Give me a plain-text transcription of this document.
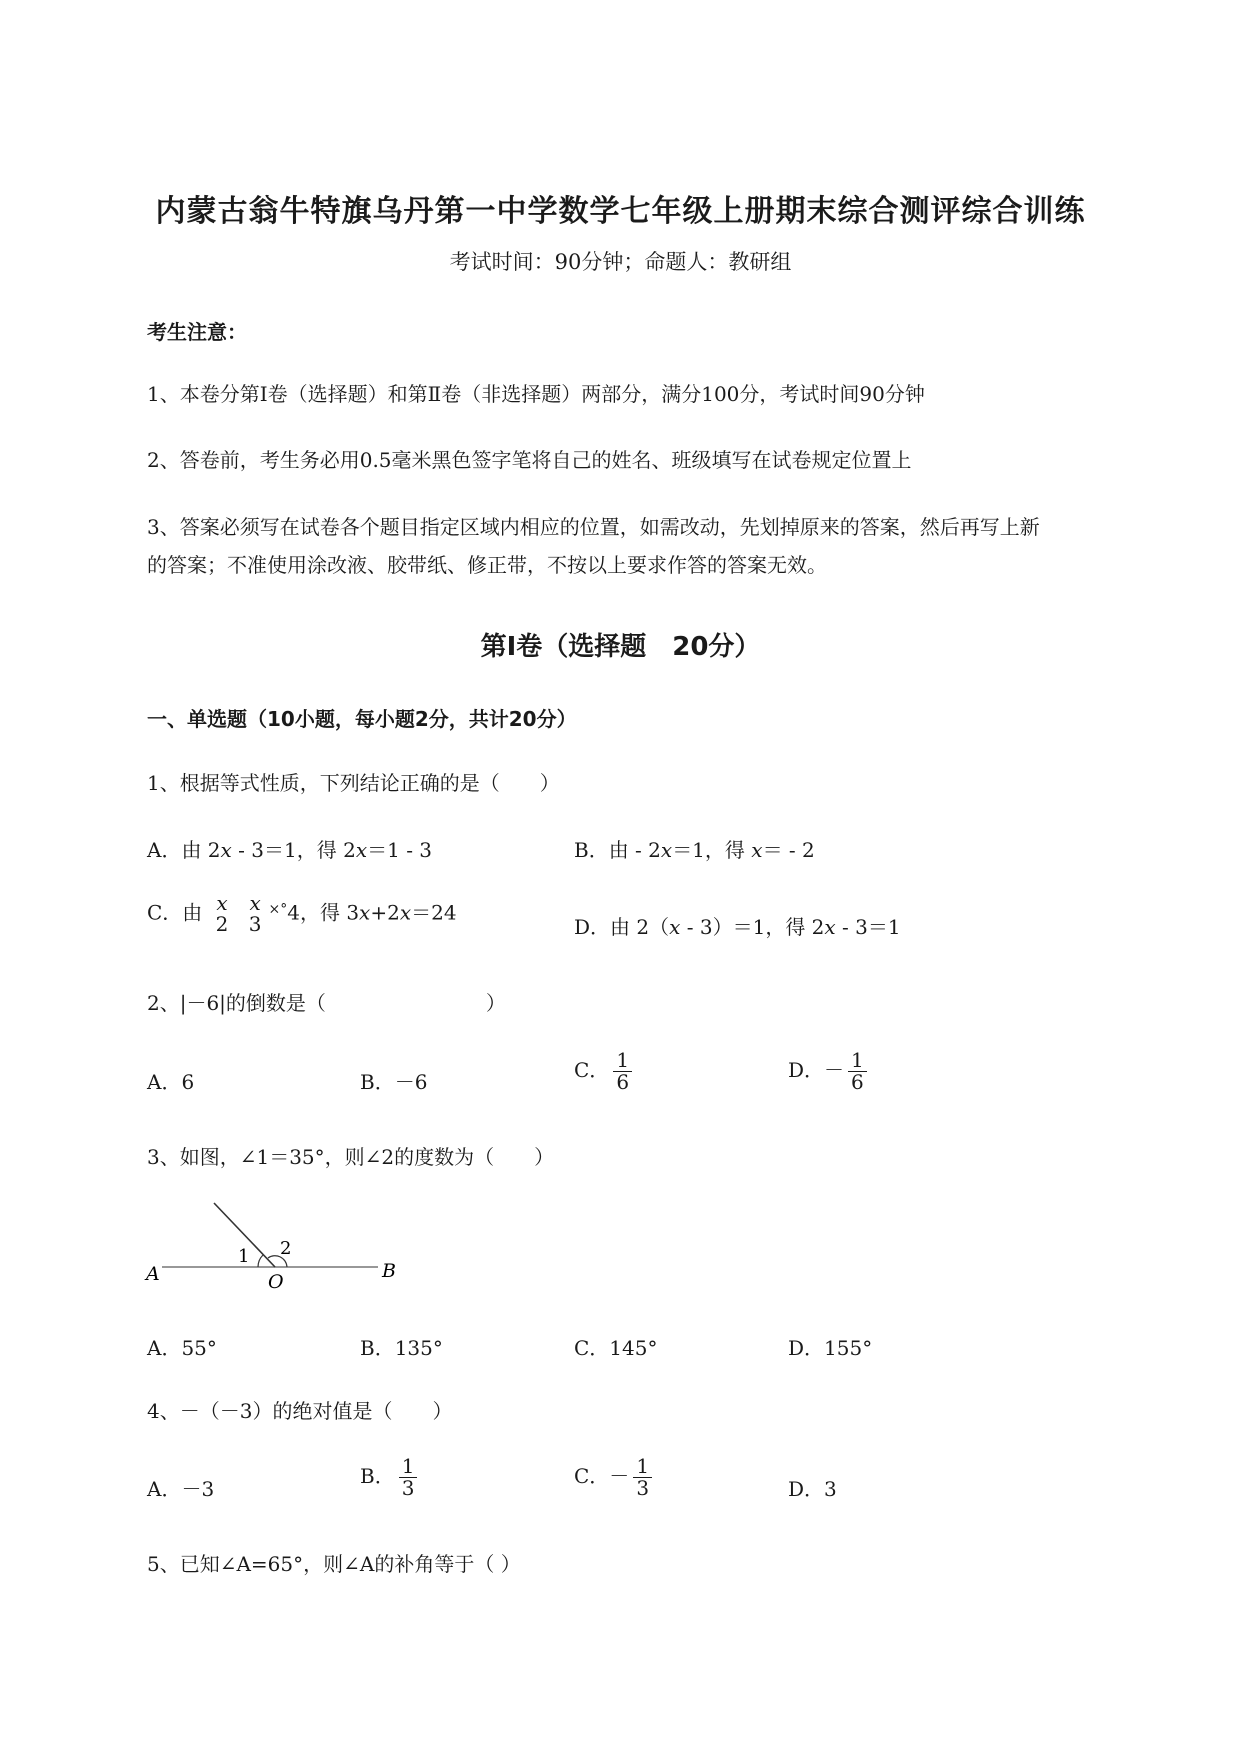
内蒙古翁牛特旗乌丹第一中学数学七年级上册期末综合测评综合训练
考试时间：90分钟；命题人：教研组
考生注意：
1、本卷分第Ⅰ卷（选择题）和第Ⅱ卷（非选择题）两部分，满分100分，考试时间90分钟
2、答卷前，考生务必用0.5毫米黑色签字笔将自己的姓名、班级填写在试卷规定位置上
3、答案必须写在试卷各个题目指定区域内相应的位置，如需改动，先划掉原来的答案，然后再写上新
的答案；不准使用涂改液、胶带纸、修正带，不按以上要求作答的答案无效。
第Ⅰ卷（选择题　20分）
一、单选题（10小题，每小题2分，共计20分）
1、根据等式性质，下列结论正确的是（　　）
A．由 2x - 3＝1，得 2x＝1 - 3	B．由 - 2x＝1，得 x＝ - 2
C．由 x
2

x
3
×°4，得 3x+2x＝24
D．由 2（x - 3）＝1，得 2x - 3＝1
2、|－6|的倒数是（　　　　　　　　）
A．6	B．－6	C． $\frac{1}{6}$	D．－ $\frac{1}{6}$
3、如图，∠1＝35°，则∠2的度数为（　　）
A	O	B
1 2
A．55°	B．135°	C．145°	D．155°
4、－（－3）的绝对值是（　　）
A．－3
B． $\frac{1}{3}$	C．－ $\frac{1}{3}$	D．3
5、已知∠A=65°，则∠A的补角等于（ ）
